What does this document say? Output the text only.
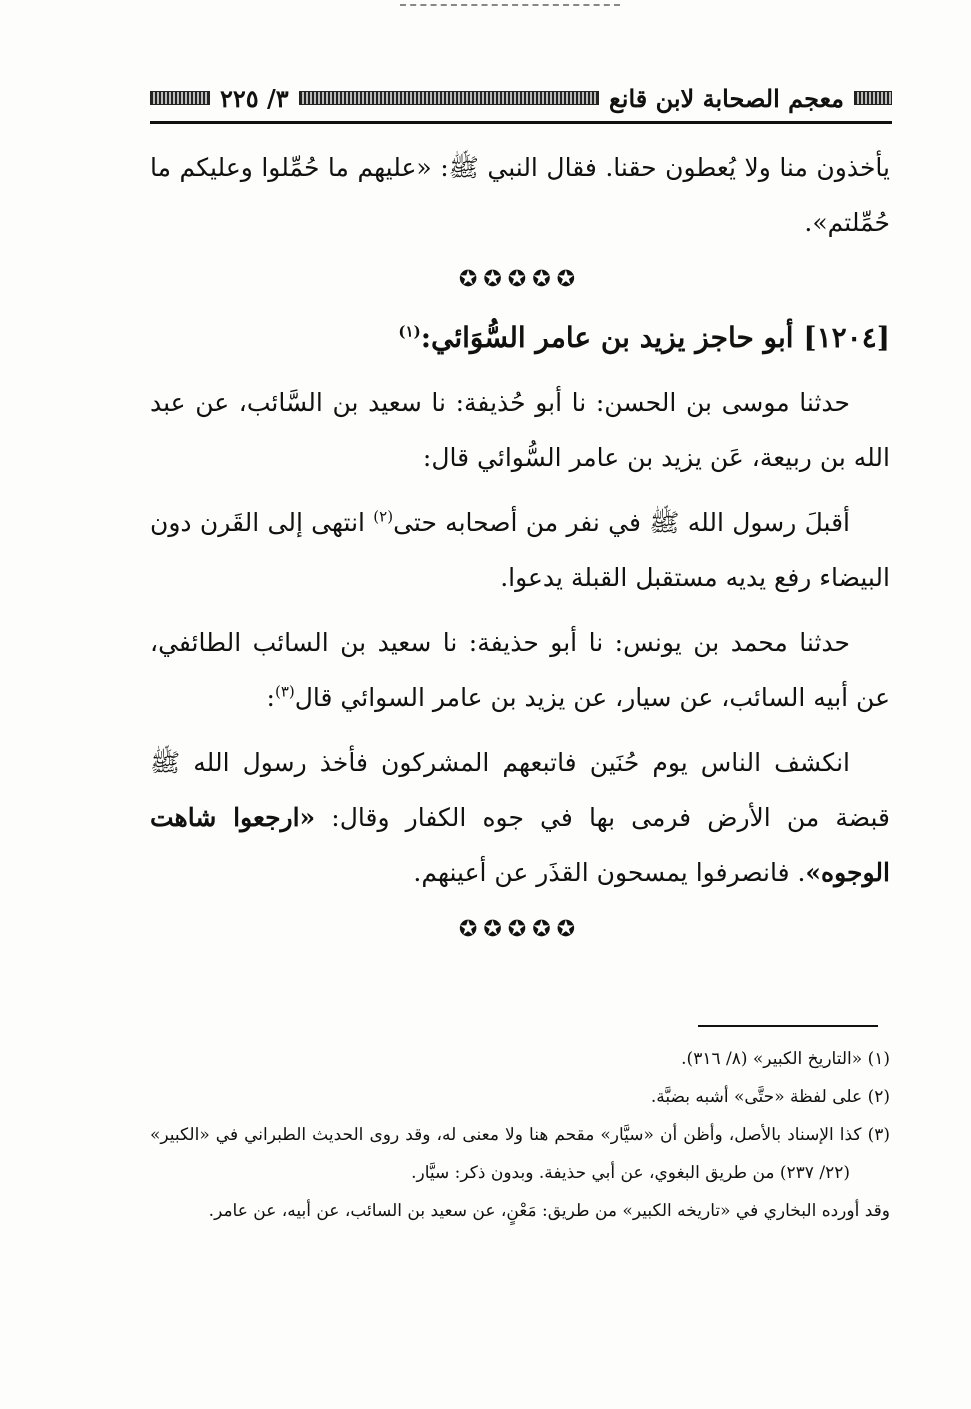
معجم الصحابة لابن قانع
٣/ ٢٢٥

يأخذون منا ولا يُعطون حقنا. فقال النبي ﷺ: «عليهم ما حُمِّلوا وعليكم ما حُمِّلتم».

✪✪✪✪✪

[١٢٠٤] أبو حاجز يزيد بن عامر السُّوَائي:$^{(١)}$

حدثنا موسى بن الحسن: نا أبو حُذيفة: نا سعيد بن السَّائب، عن عبد الله بن ربيعة، عَن يزيد بن عامر السُّوائي قال:

أقبلَ رسول الله ﷺ في نفر من أصحابه حتى$^{(٢)}$ انتهى إلى القَرن دون البيضاء رفع يديه مستقبل القبلة يدعوا.

حدثنا محمد بن يونس: نا أبو حذيفة: نا سعيد بن السائب الطائفي، عن أبيه السائب، عن سيار، عن يزيد بن عامر السوائي قال$^{(٣)}$:

انكشف الناس يوم حُنَين فاتبعهم المشركون فأخذ رسول الله ﷺ قبضة من الأرض فرمى بها في جوه الكفار وقال: «ارجعوا شاهت الوجوه». فانصرفوا يمسحون القذَر عن أعينهم.

✪✪✪✪✪

(١) «التاريخ الكبير» (٨/ ٣١٦).

(٢) على لفظة «حتَّى» أشبه بضبَّة.

(٣) كذا الإسناد بالأصل، وأظن أن «سيَّار» مقحم هنا ولا معنى له، وقد روى الحديث الطبراني في «الكبير» (٢٢/ ٢٣٧) من طريق البغوي، عن أبي حذيفة. وبدون ذكر: سيَّار.

وقد أورده البخاري في «تاريخه الكبير» من طريق: مَعْنٍ، عن سعيد بن السائب، عن أبيه، عن عامر.
